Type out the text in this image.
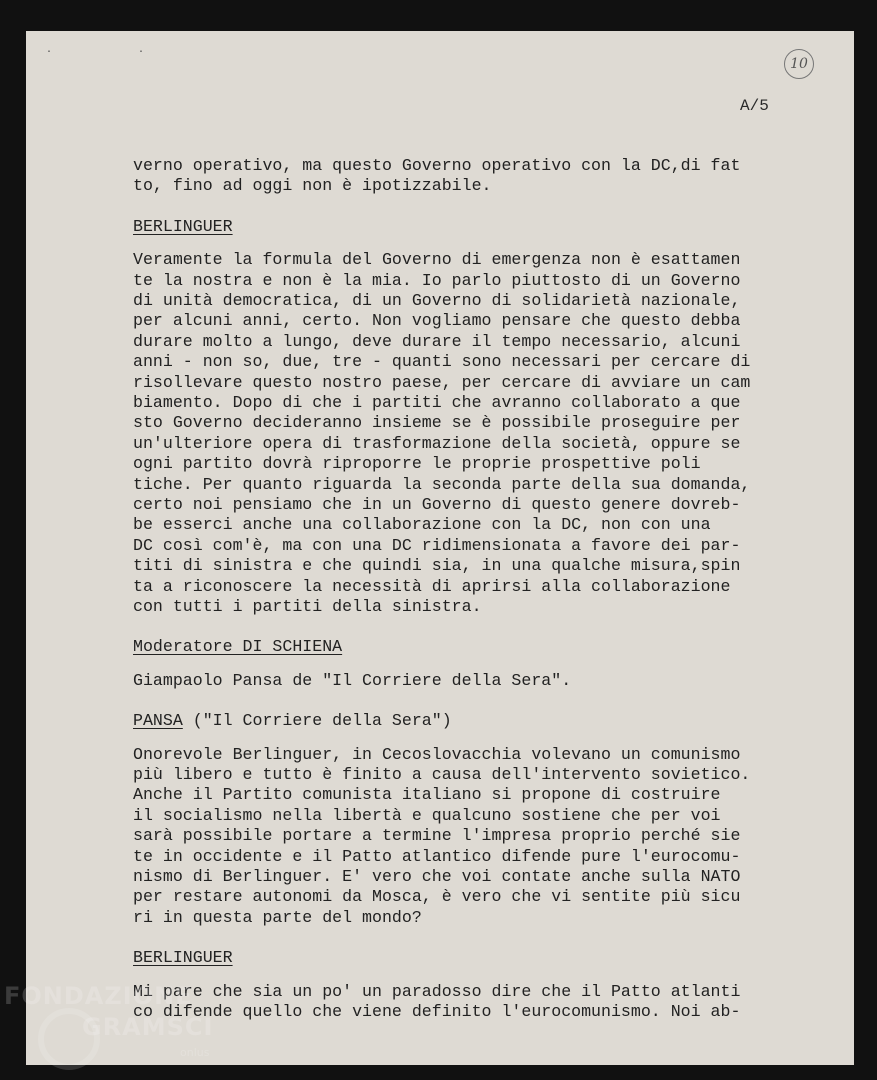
· ·
10
A/5
verno operativo, ma questo Governo operativo con la DC,di fat
to, fino ad oggi non è ipotizzabile.
BERLINGUER
Veramente la formula del Governo di emergenza non è esattamen
te la nostra e non è la mia. Io parlo piuttosto di un Governo
di unità democratica, di un Governo di solidarietà nazionale,
per alcuni anni, certo. Non vogliamo pensare che questo debba
durare molto a lungo, deve durare il tempo necessario, alcuni
anni - non so, due, tre - quanti sono necessari per cercare di
risollevare questo nostro paese, per cercare di avviare un cam
biamento. Dopo di che i partiti che avranno collaborato a que
sto Governo decideranno insieme se è possibile proseguire per
un'ulteriore opera di trasformazione della società, oppure se
ogni partito dovrà riproporre le proprie prospettive poli
tiche. Per quanto riguarda la seconda parte della sua domanda,
certo noi pensiamo che in un Governo di questo genere dovreb-
be esserci anche una collaborazione con la DC, non con una
DC così com'è, ma con una DC ridimensionata a favore dei par-
titi di sinistra e che quindi sia, in una qualche misura,spin
ta a riconoscere la necessità di aprirsi alla collaborazione
con tutti i partiti della sinistra.
Moderatore DI SCHIENA
Giampaolo Pansa de "Il Corriere della Sera".
PANSA ("Il Corriere della Sera")
Onorevole Berlinguer, in Cecoslovacchia volevano un comunismo
più libero e tutto è finito a causa dell'intervento sovietico.
Anche il Partito comunista italiano si propone di costruire
il socialismo nella libertà e qualcuno sostiene che per voi
sarà possibile portare a termine l'impresa proprio perché sie
te in occidente e il Patto atlantico difende pure l'eurocomu-
nismo di Berlinguer. E' vero che voi contate anche sulla NATO
per restare autonomi da Mosca, è vero che vi sentite più sicu
ri in questa parte del mondo?
BERLINGUER
Mi pare che sia un po' un paradosso dire che il Patto atlanti
co difende quello che viene definito l'eurocomunismo. Noi ab-
FONDAZIONE
GRAMSCI
onlus
